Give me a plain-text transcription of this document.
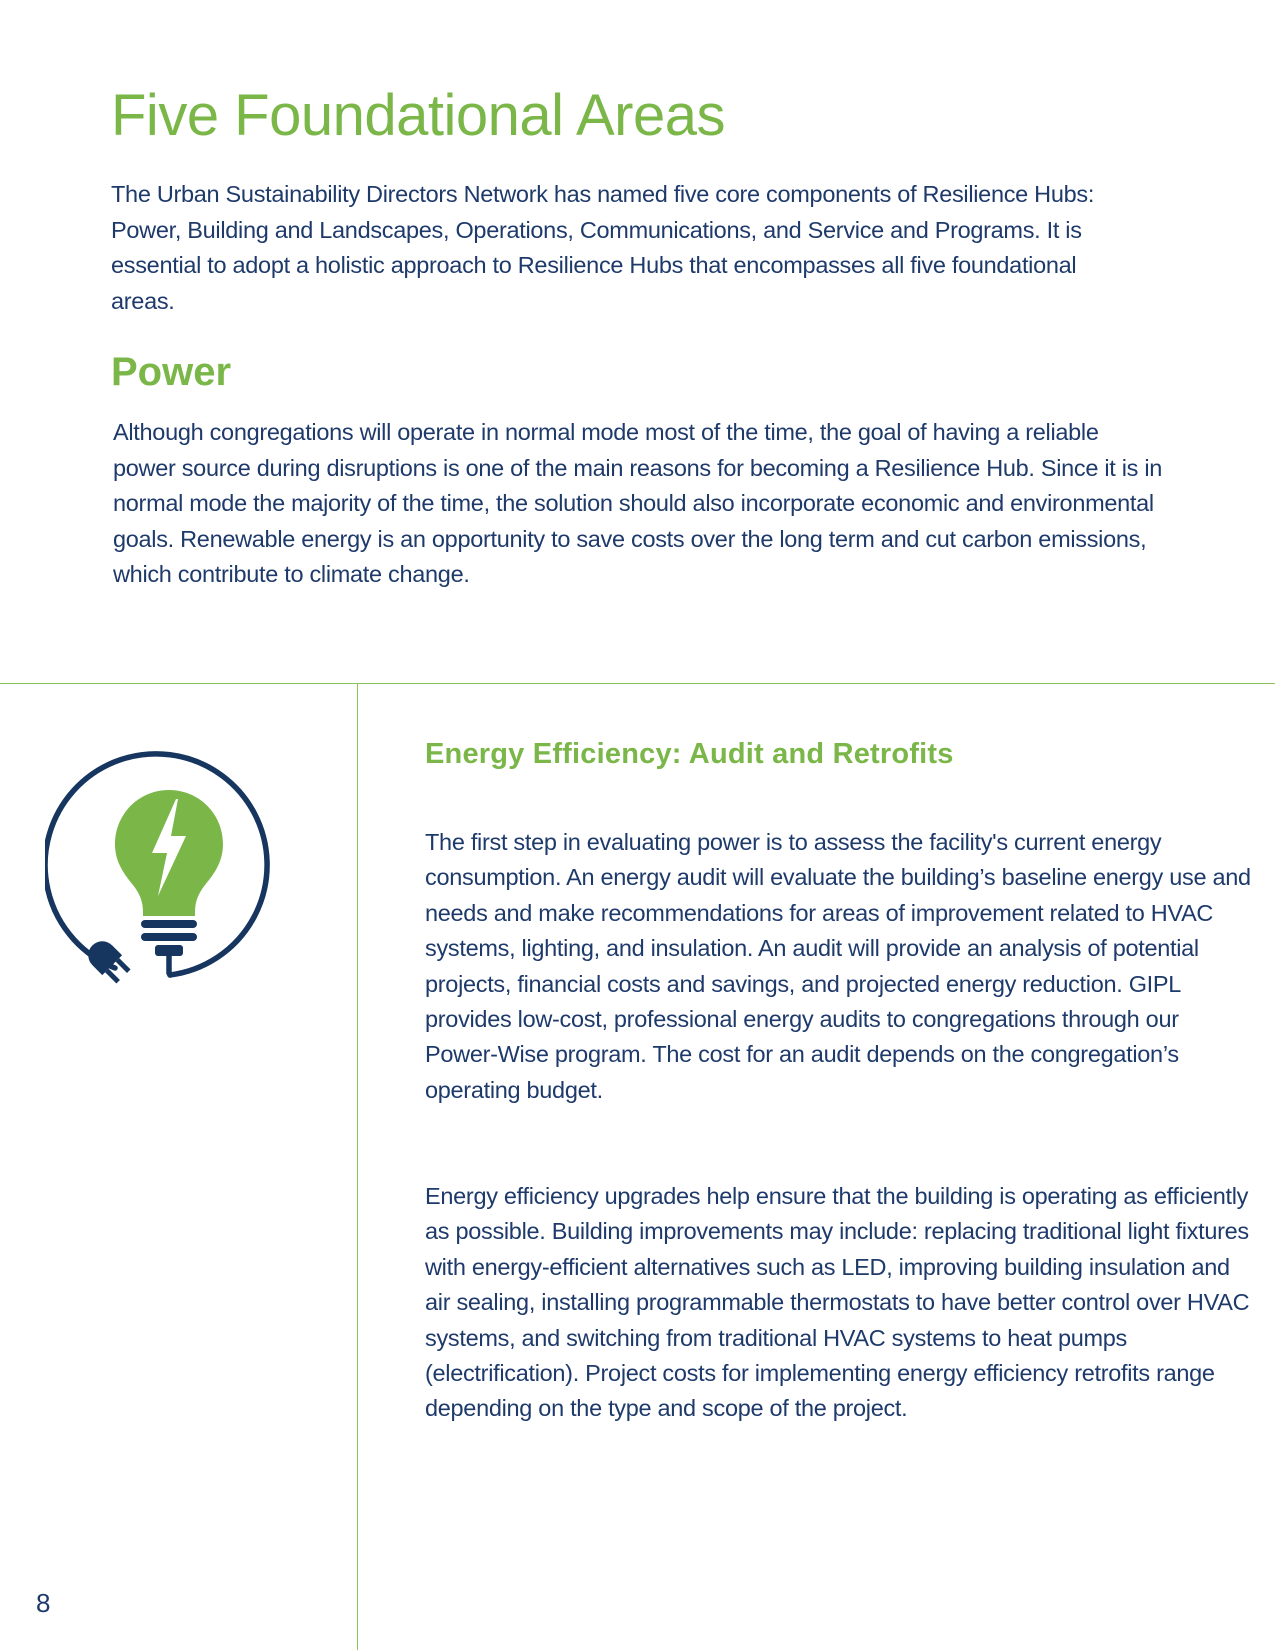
Five Foundational Areas

The Urban Sustainability Directors Network has named five core components of Resilience Hubs: Power, Building and Landscapes, Operations, Communications, and Service and Programs. It is essential to adopt a holistic approach to Resilience Hubs that encompasses all five foundational areas.

Power

Although congregations will operate in normal mode most of the time, the goal of having a reliable power source during disruptions is one of the main reasons for becoming a Resilience Hub. Since it is in normal mode the majority of the time, the solution should also incorporate economic and environmental goals. Renewable energy is an opportunity to save costs over the long term and cut carbon emissions, which contribute to climate change.

Energy Efficiency: Audit and Retrofits

The first step in evaluating power is to assess the facility's current energy consumption. An energy audit will evaluate the building’s baseline energy use and needs and make recommendations for areas of improvement related to HVAC systems, lighting, and insulation. An audit will provide an analysis of potential projects, financial costs and savings, and projected energy reduction. GIPL provides low-cost, professional energy audits to congregations through our Power-Wise program. The cost for an audit depends on the congregation’s operating budget.

Energy efficiency upgrades help ensure that the building is operating as efficiently as possible. Building improvements may include: replacing traditional light fixtures with energy-efficient alternatives such as LED, improving building insulation and air sealing, installing programmable thermostats to have better control over HVAC systems, and switching from traditional HVAC systems to heat pumps (electrification). Project costs for implementing energy efficiency retrofits range depending on the type and scope of the project.

8
